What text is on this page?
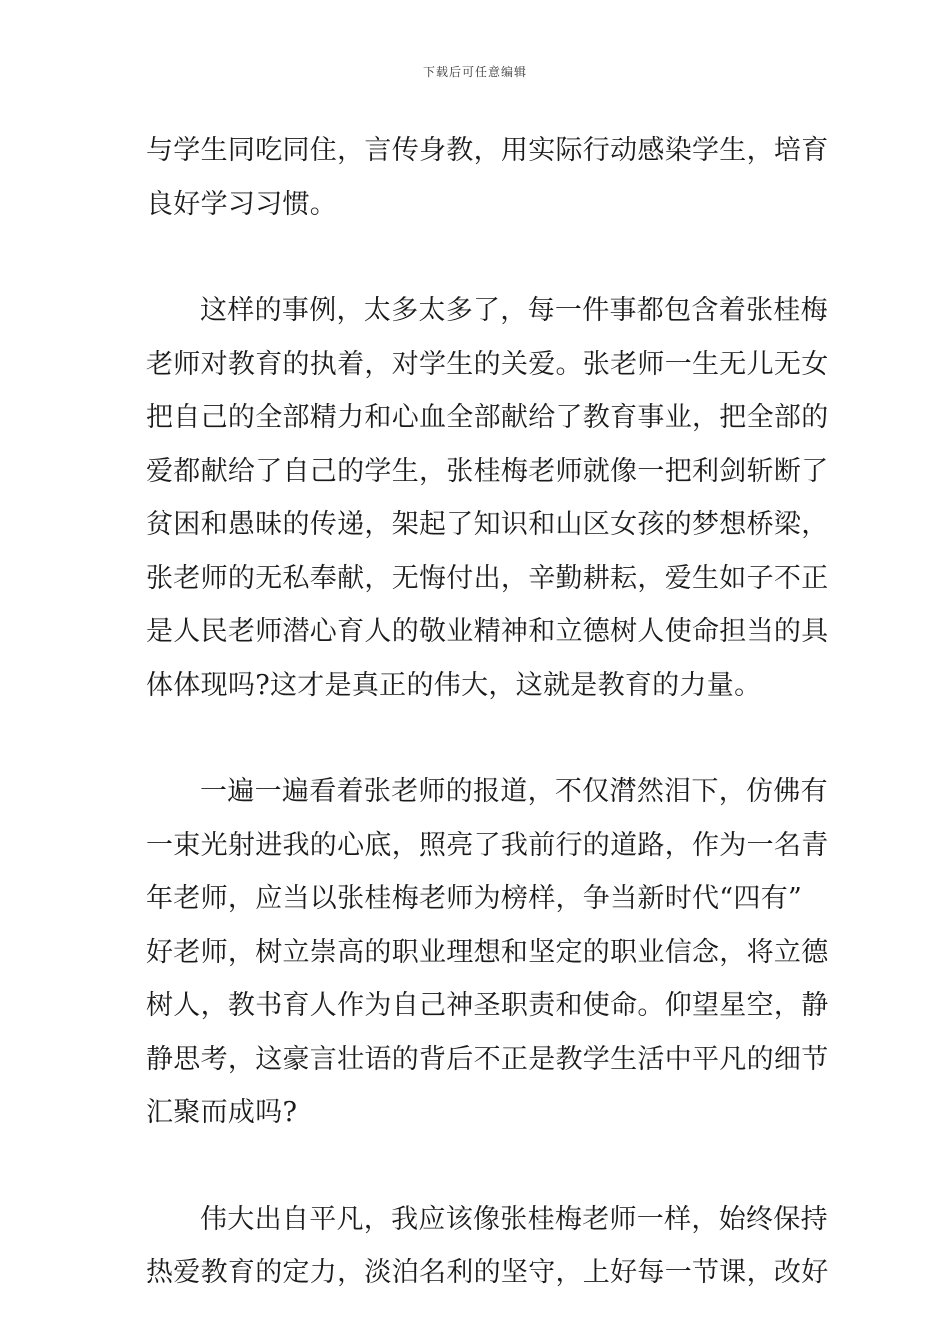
下载后可任意编辑
与学生同吃同住，言传身教，用实际行动感染学生，培育
良好学习习惯。
这样的事例，太多太多了，每一件事都包含着张桂梅
老师对教育的执着，对学生的关爱。张老师一生无儿无女
把自己的全部精力和心血全部献给了教育事业，把全部的
爱都献给了自己的学生，张桂梅老师就像一把利剑斩断了
贫困和愚昧的传递，架起了知识和山区女孩的梦想桥梁，
张老师的无私奉献，无悔付出，辛勤耕耘，爱生如子不正
是人民老师潜心育人的敬业精神和立德树人使命担当的具
体体现吗?这才是真正的伟大，这就是教育的力量。
一遍一遍看着张老师的报道，不仅潸然泪下，仿佛有
一束光射进我的心底，照亮了我前行的道路，作为一名青
年老师，应当以张桂梅老师为榜样，争当新时代“四有”
好老师，树立崇高的职业理想和坚定的职业信念，将立德
树人，教书育人作为自己神圣职责和使命。仰望星空，静
静思考，这豪言壮语的背后不正是教学生活中平凡的细节
汇聚而成吗?
伟大出自平凡，我应该像张桂梅老师一样，始终保持
热爱教育的定力，淡泊名利的坚守，上好每一节课，改好
